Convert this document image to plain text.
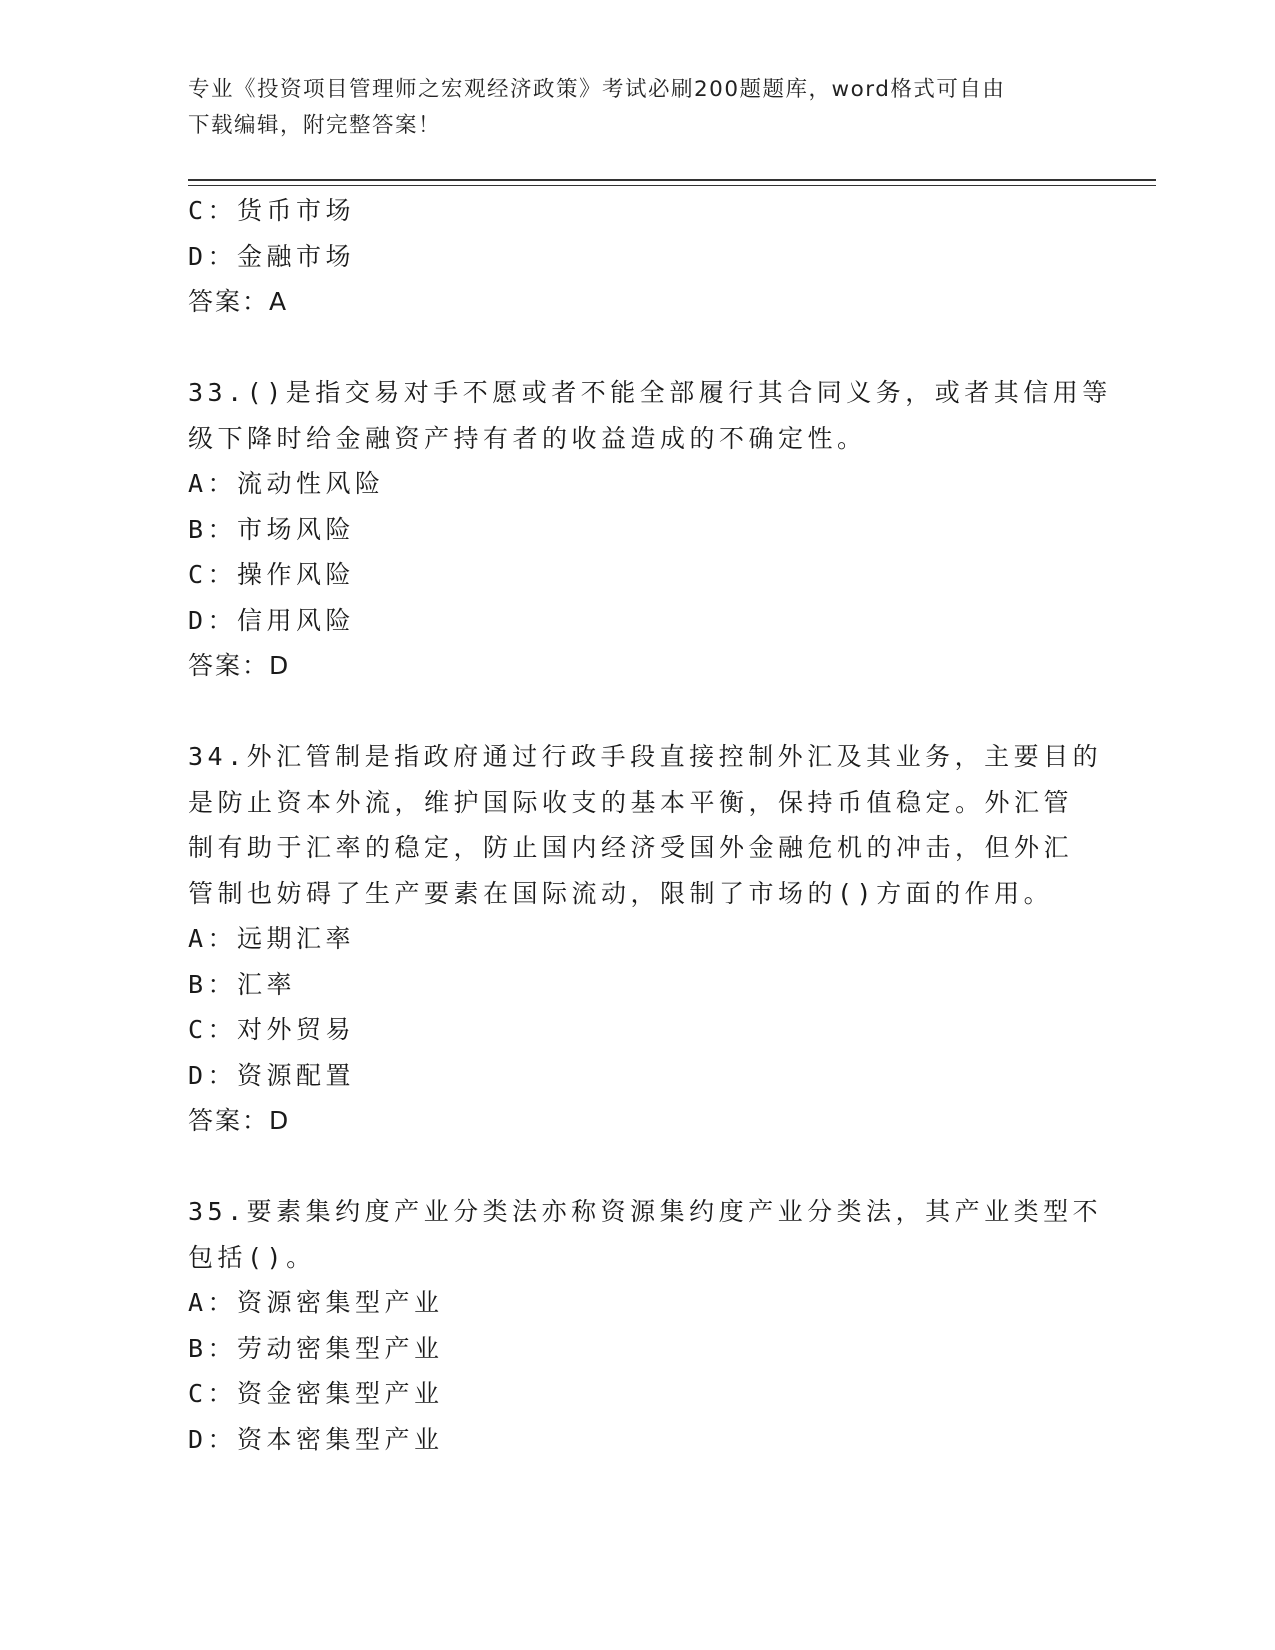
专业《投资项目管理师之宏观经济政策》考试必刷200题题库，word格式可自由
下载编辑，附完整答案！
C：货币市场
D：金融市场
答案：A
33.()是指交易对手不愿或者不能全部履行其合同义务，或者其信用等
级下降时给金融资产持有者的收益造成的不确定性。
A：流动性风险
B：市场风险
C：操作风险
D：信用风险
答案：D
34.外汇管制是指政府通过行政手段直接控制外汇及其业务，主要目的
是防止资本外流，维护国际收支的基本平衡，保持币值稳定。外汇管
制有助于汇率的稳定，防止国内经济受国外金融危机的冲击，但外汇
管制也妨碍了生产要素在国际流动，限制了市场的()方面的作用。
A：远期汇率
B：汇率
C：对外贸易
D：资源配置
答案：D
35.要素集约度产业分类法亦称资源集约度产业分类法，其产业类型不
包括()。
A：资源密集型产业
B：劳动密集型产业
C：资金密集型产业
D：资本密集型产业
